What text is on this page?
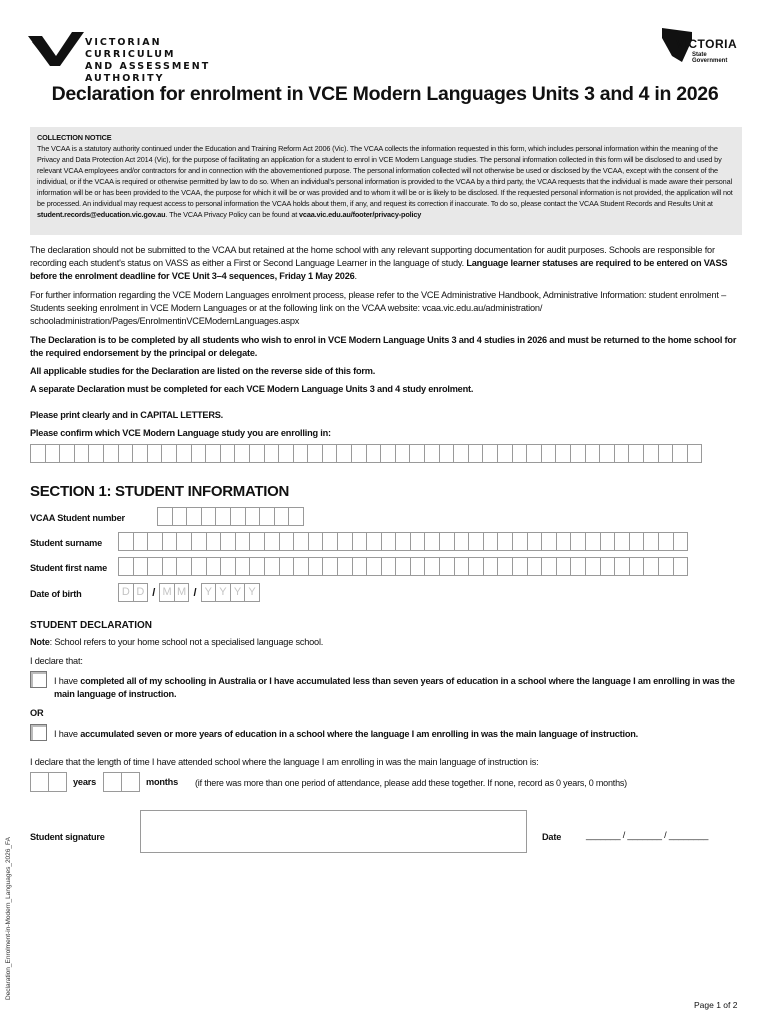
VICTORIAN CURRICULUM
AND ASSESSMENT AUTHORITY
VICTORIA
State
Government
Declaration for enrolment in VCE Modern Languages Units 3 and 4 in 2026
COLLECTION NOTICE
The VCAA is a statutory authority continued under the Education and Training Reform Act 2006 (Vic). The VCAA collects the information requested in this form, which includes personal information within the meaning of the Privacy and Data Protection Act 2014 (Vic), for the purpose of facilitating an application for a student to enrol in VCE Modern Language studies. The personal information collected in this form will be disclosed to and used by relevant VCAA employees and/or contractors for and in connection with the abovementioned purpose. The personal information collected will not otherwise be used or disclosed by the VCAA, except with the consent of the individual, or if the VCAA is required or otherwise permitted by law to do so. When an individual's personal information is provided to the VCAA by a third party, the VCAA requests that the individual is made aware their personal information will be or has been provided to the VCAA, the purpose for which it will be or was provided and to whom it will be or is likely to be disclosed. If the requested personal information is not provided, the application will not be processed. An individual may request access to personal information the VCAA holds about them, if any, and request its correction if inaccurate. To do so, please contact the VCAA Student Records and Results Unit at student.records@education.vic.gov.au. The VCAA Privacy Policy can be found at vcaa.vic.edu.au/footer/privacy-policy
The declaration should not be submitted to the VCAA but retained at the home school with any relevant supporting documentation for audit purposes. Schools are responsible for recording each student's status on VASS as either a First or Second Language Learner in the language of study. Language learner statuses are required to be entered on VASS before the enrolment deadline for VCE Unit 3–4 sequences, Friday 1 May 2026.
For further information regarding the VCE Modern Languages enrolment process, please refer to the VCE Administrative Handbook, Administrative Information: student enrolment – Students seeking enrolment in VCE Modern Languages or at the following link on the VCAA website: vcaa.vic.edu.au/administration/ schooladministration/Pages/EnrolmentinVCEModernLanguages.aspx
The Declaration is to be completed by all students who wish to enrol in VCE Modern Language Units 3 and 4 studies in 2026 and must be returned to the home school for the required endorsement by the principal or delegate.
All applicable studies for the Declaration are listed on the reverse side of this form.
A separate Declaration must be completed for each VCE Modern Language Units 3 and 4 study enrolment.
Please print clearly and in CAPITAL LETTERS.
Please confirm which VCE Modern Language study you are enrolling in:
SECTION 1: STUDENT INFORMATION
VCAA Student number
Student surname
Student first name
Date of birth	D D / M M / Y Y Y Y
STUDENT DECLARATION
Note: School refers to your home school not a specialised language school.
I declare that:
I have completed all of my schooling in Australia or I have accumulated less than seven years of education in a school where the language I am enrolling in was the main language of instruction.
OR
I have accumulated seven or more years of education in a school where the language I am enrolling in was the main language of instruction.
I declare that the length of time I have attended school where the language I am enrolling in was the main language of instruction is:
years	months (if there was more than one period of attendance, please add these together. If none, record as 0 years, 0 months)
Student signature	Date	_______ / _______ / ________
Declaration_Enrolment-in-Modern_Languages_2026_FA
Page 1 of 2
